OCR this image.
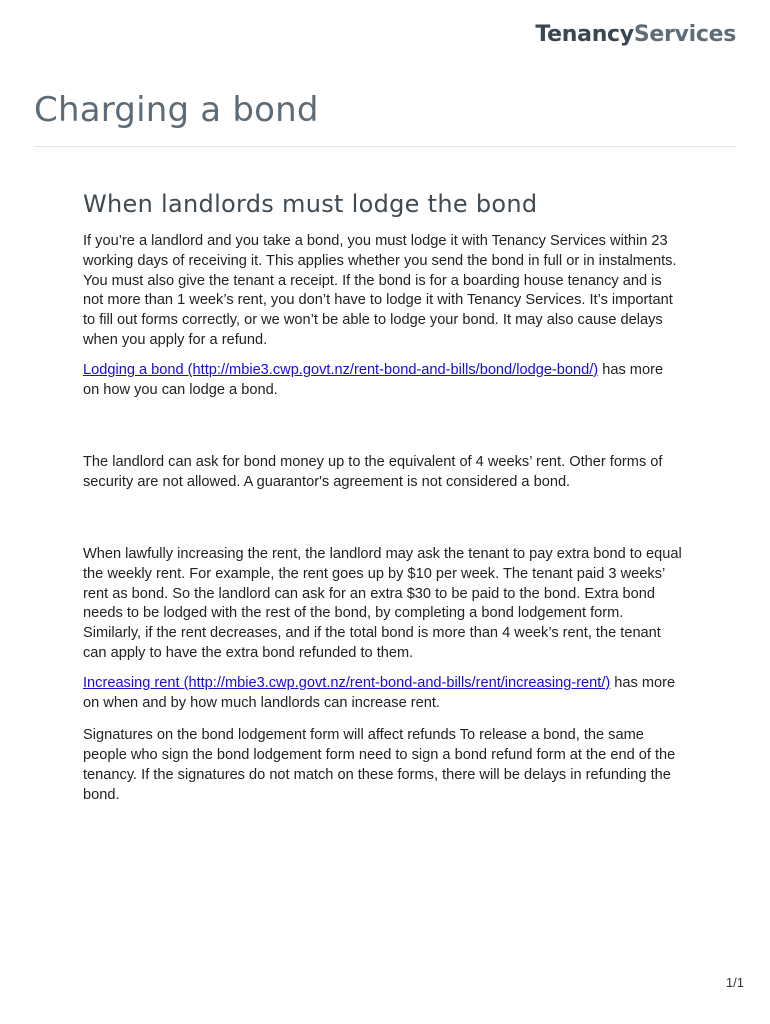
TenancyServices
Charging a bond
When landlords must lodge the bond

If you’re a landlord and you take a bond, you must lodge it with Tenancy Services within 23 working days of receiving it. This applies whether you send the bond in full or in instalments. You must also give the tenant a receipt. If the bond is for a boarding house tenancy and is not more than 1 week’s rent, you don’t have to lodge it with Tenancy Services. It’s important to fill out forms correctly, or we won’t be able to lodge your bond. It may also cause delays when you apply for a refund.

Lodging a bond (http://mbie3.cwp.govt.nz/rent-bond-and-bills/bond/lodge-bond/) has more on how you can lodge a bond.

The landlord can ask for bond money up to the equivalent of 4 weeks’ rent. Other forms of security are not allowed. A guarantor's agreement is not considered a bond.

When lawfully increasing the rent, the landlord may ask the tenant to pay extra bond to equal the weekly rent. For example, the rent goes up by $10 per week. The tenant paid 3 weeks’ rent as bond. So the landlord can ask for an extra $30 to be paid to the bond. Extra bond needs to be lodged with the rest of the bond, by completing a bond lodgement form. Similarly, if the rent decreases, and if the total bond is more than 4 week’s rent, the tenant can apply to have the extra bond refunded to them.

Increasing rent (http://mbie3.cwp.govt.nz/rent-bond-and-bills/rent/increasing-rent/) has more on when and by how much landlords can increase rent.

Signatures on the bond lodgement form will affect refunds To release a bond, the same people who sign the bond lodgement form need to sign a bond refund form at the end of the tenancy. If the signatures do not match on these forms, there will be delays in refunding the bond.

1/1
